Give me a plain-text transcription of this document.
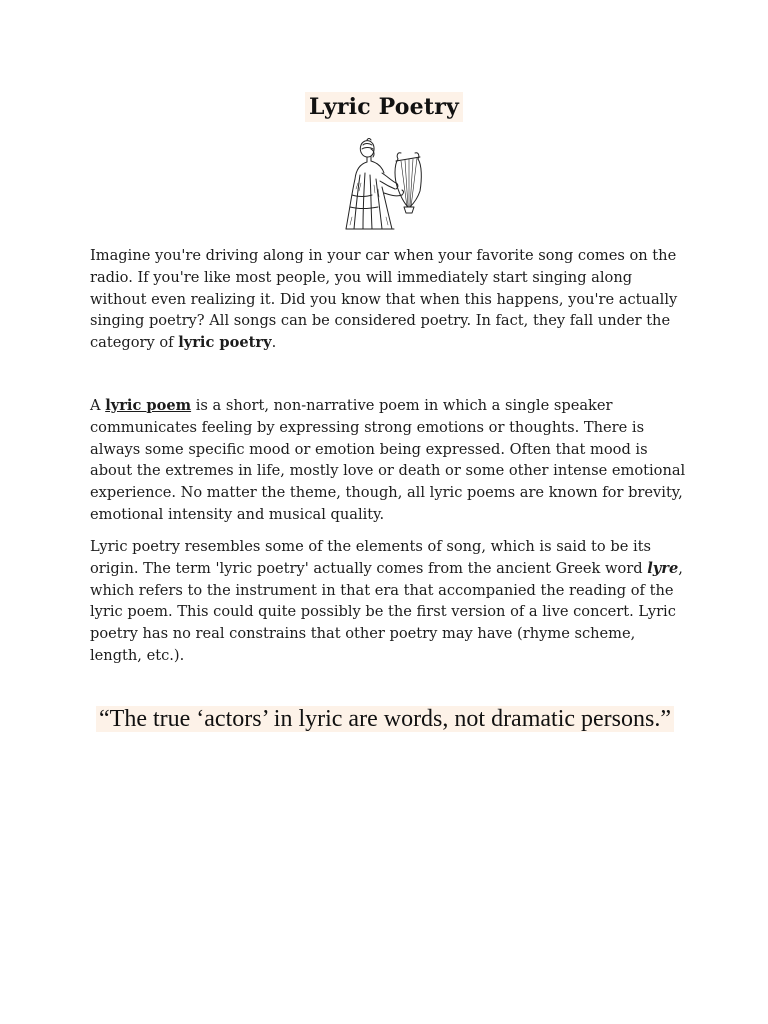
Lyric Poetry

Imagine you're driving along in your car when your favorite song comes on the radio. If you're like most people, you will immediately start singing along without even realizing it. Did you know that when this happens, you're actually singing poetry? All songs can be considered poetry. In fact, they fall under the category of lyric poetry.

A lyric poem is a short, non-narrative poem in which a single speaker communicates feeling by expressing strong emotions or thoughts. There is always some specific mood or emotion being expressed. Often that mood is about the extremes in life, mostly love or death or some other intense emotional experience. No matter the theme, though, all lyric poems are known for brevity, emotional intensity and musical quality.

Lyric poetry resembles some of the elements of song, which is said to be its origin. The term 'lyric poetry' actually comes from the ancient Greek word lyre, which refers to the instrument in that era that accompanied the reading of the lyric poem. This could quite possibly be the first version of a live concert. Lyric poetry has no real constrains that other poetry may have (rhyme scheme, length, etc.).

“The true ‘actors’ in lyric are words, not dramatic persons.”
